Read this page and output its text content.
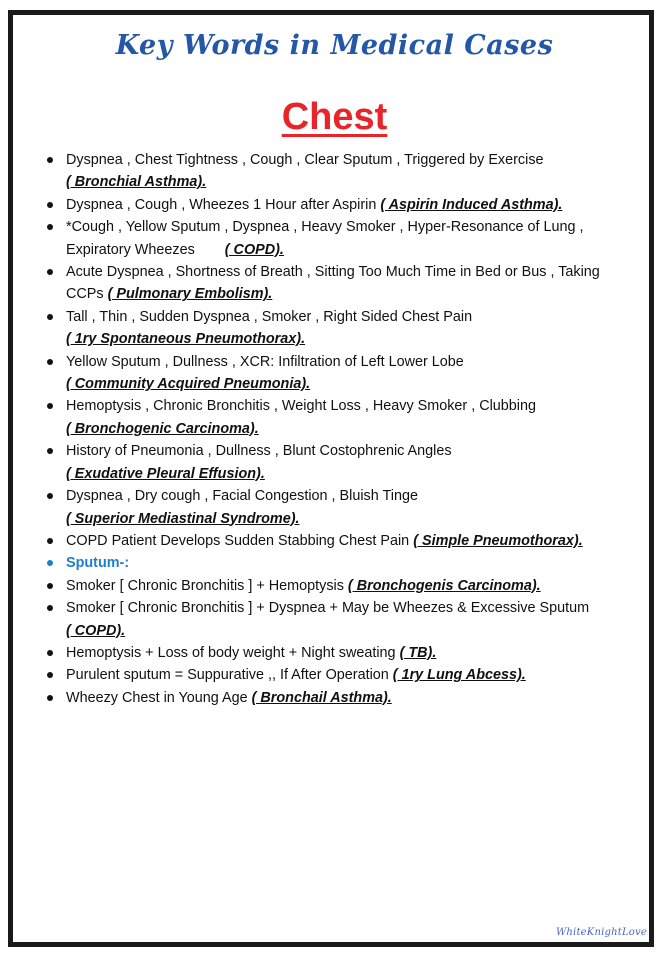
Key Words in Medical Cases
Chest
Dyspnea , Chest Tightness , Cough , Clear Sputum , Triggered by Exercise
( Bronchial Asthma).
Dyspnea , Cough , Wheezes 1 Hour after Aspirin ( Aspirin Induced Asthma).
*Cough , Yellow Sputum , Dyspnea , Heavy Smoker , Hyper-Resonance of Lung , Expiratory Wheezes ( COPD).
Acute Dyspnea , Shortness of Breath , Sitting Too Much Time in Bed or Bus , Taking CCPs ( Pulmonary Embolism).
Tall , Thin , Sudden Dyspnea , Smoker , Right Sided Chest Pain
( 1ry Spontaneous Pneumothorax).
Yellow Sputum , Dullness , XCR: Infiltration of Left Lower Lobe
( Community Acquired Pneumonia).
Hemoptysis , Chronic Bronchitis , Weight Loss , Heavy Smoker , Clubbing
( Bronchogenic Carcinoma).
History of Pneumonia , Dullness , Blunt Costophrenic Angles
( Exudative Pleural Effusion).
Dyspnea , Dry cough , Facial Congestion , Bluish Tinge
( Superior Mediastinal Syndrome).
COPD Patient Develops Sudden Stabbing Chest Pain ( Simple Pneumothorax).
Sputum-:
Smoker [ Chronic Bronchitis ] + Hemoptysis ( Bronchogenis Carcinoma).
Smoker [ Chronic Bronchitis ] + Dyspnea + May be Wheezes & Excessive Sputum
( COPD).
Hemoptysis + Loss of body weight + Night sweating ( TB).
Purulent sputum = Suppurative ,, If After Operation ( 1ry Lung Abcess).
Wheezy Chest in Young Age ( Bronchail Asthma).
WhiteKnightLove
